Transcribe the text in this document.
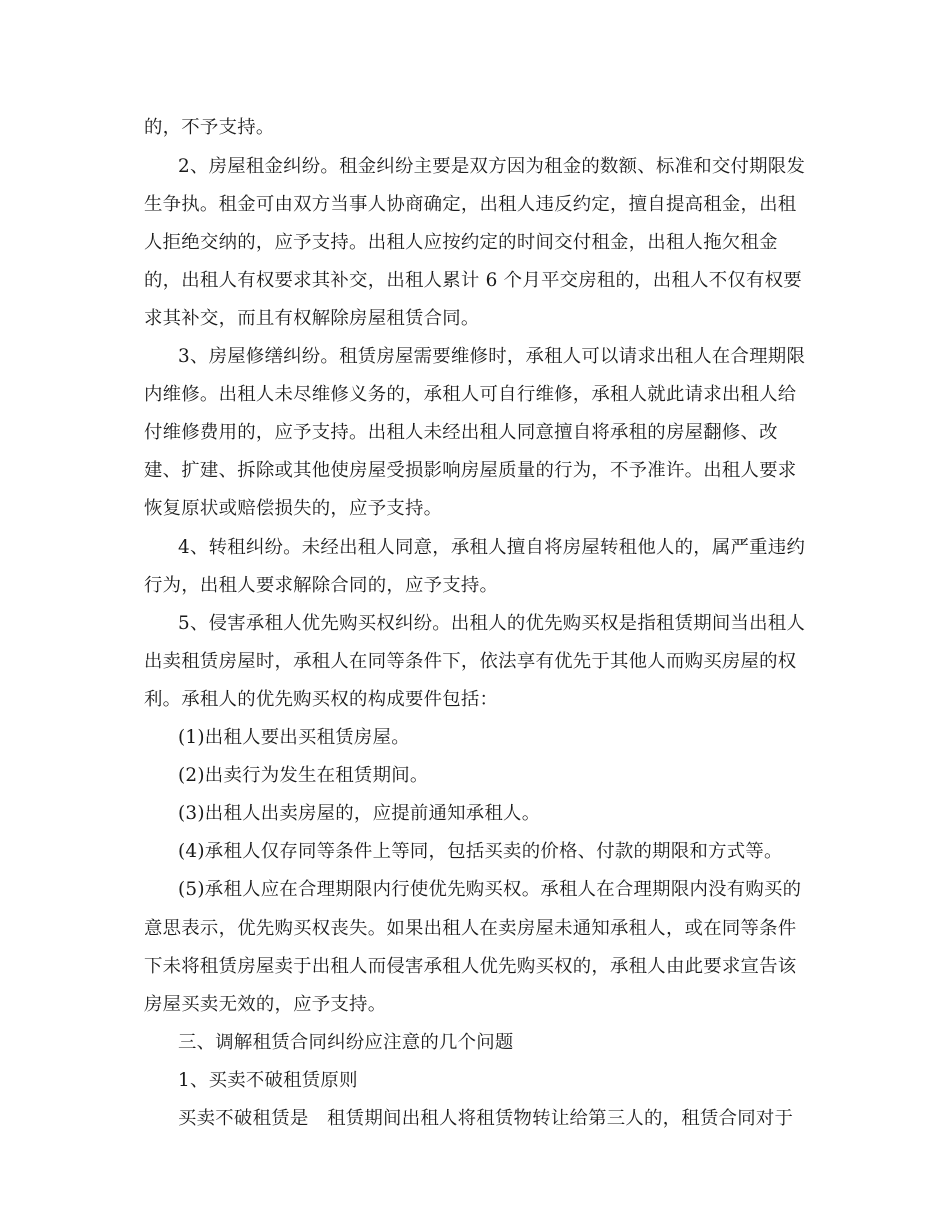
的，不予支持。
2、房屋租金纠纷。租金纠纷主要是双方因为租金的数额、标准和交付期限发
生争执。租金可由双方当事人协商确定，出租人违反约定，擅自提高租金，出租
人拒绝交纳的，应予支持。出租人应按约定的时间交付租金，出租人拖欠租金
的，出租人有权要求其补交，出租人累计 6 个月平交房租的，出租人不仅有权要
求其补交，而且有权解除房屋租赁合同。
3、房屋修缮纠纷。租赁房屋需要维修时，承租人可以请求出租人在合理期限
内维修。出租人未尽维修义务的，承租人可自行维修，承租人就此请求出租人给
付维修费用的，应予支持。出租人未经出租人同意擅自将承租的房屋翻修、改
建、扩建、拆除或其他使房屋受损影响房屋质量的行为，不予准许。出租人要求
恢复原状或赔偿损失的，应予支持。
4、转租纠纷。未经出租人同意，承租人擅自将房屋转租他人的，属严重违约
行为，出租人要求解除合同的，应予支持。
5、侵害承租人优先购买权纠纷。出租人的优先购买权是指租赁期间当出租人
出卖租赁房屋时，承租人在同等条件下，依法享有优先于其他人而购买房屋的权
利。承租人的优先购买权的构成要件包括：
(1)出租人要出买租赁房屋。
(2)出卖行为发生在租赁期间。
(3)出租人出卖房屋的，应提前通知承租人。
(4)承租人仅存同等条件上等同，包括买卖的价格、付款的期限和方式等。
(5)承租人应在合理期限内行使优先购买权。承租人在合理期限内没有购买的
意思表示，优先购买权丧失。如果出租人在卖房屋未通知承租人，或在同等条件
下未将租赁房屋卖于出租人而侵害承租人优先购买权的，承租人由此要求宣告该
房屋买卖无效的，应予支持。
三、调解租赁合同纠纷应注意的几个问题
1、买卖不破租赁原则
买卖不破租赁是　租赁期间出租人将租赁物转让给第三人的，租赁合同对于
